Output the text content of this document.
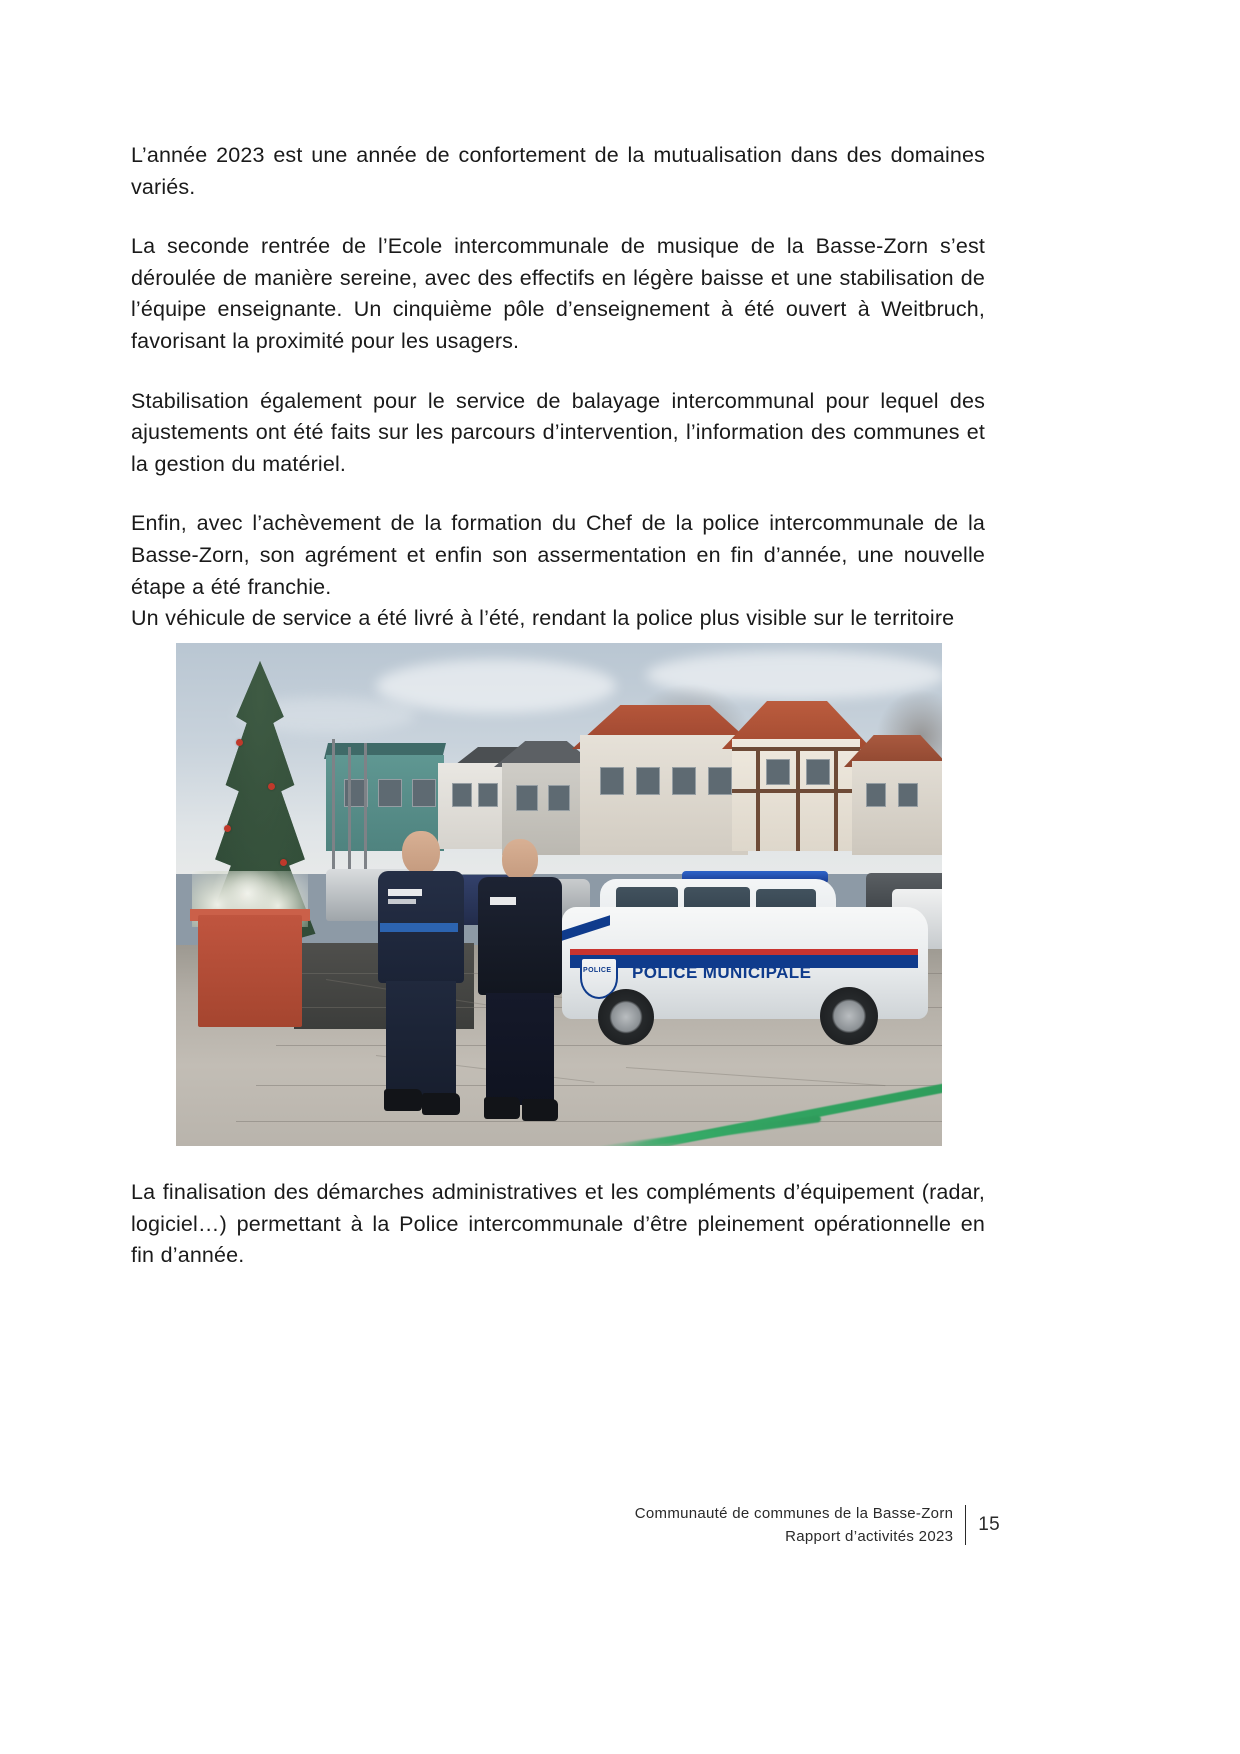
L’année 2023 est une année de confortement de la mutualisation dans des domaines variés.

La seconde rentrée de l’Ecole intercommunale de musique de la Basse-Zorn s’est déroulée de manière sereine, avec des effectifs en légère baisse et une stabilisation de l’équipe enseignante. Un cinquième pôle d’enseignement à été ouvert à Weitbruch, favorisant la proximité pour les usagers.

Stabilisation également pour le service de balayage intercommunal pour lequel des ajustements ont été faits sur les parcours d’intervention, l’information des communes et la gestion du matériel.

Enfin, avec l’achèvement de la formation du Chef de la police intercommunale de la Basse-Zorn, son agrément et enfin son assermentation en fin d’année, une nouvelle étape a été franchie.

Un véhicule de service a été livré à l’été, rendant la police plus visible sur le territoire

POLICE POLICE MUNICIPALE

La finalisation des démarches administratives et les compléments d’équipement (radar, logiciel…) permettant à la Police intercommunale d’être pleinement opérationnelle en fin d’année.

Communauté de communes de la Basse-Zorn
Rapport d’activités 2023
15
